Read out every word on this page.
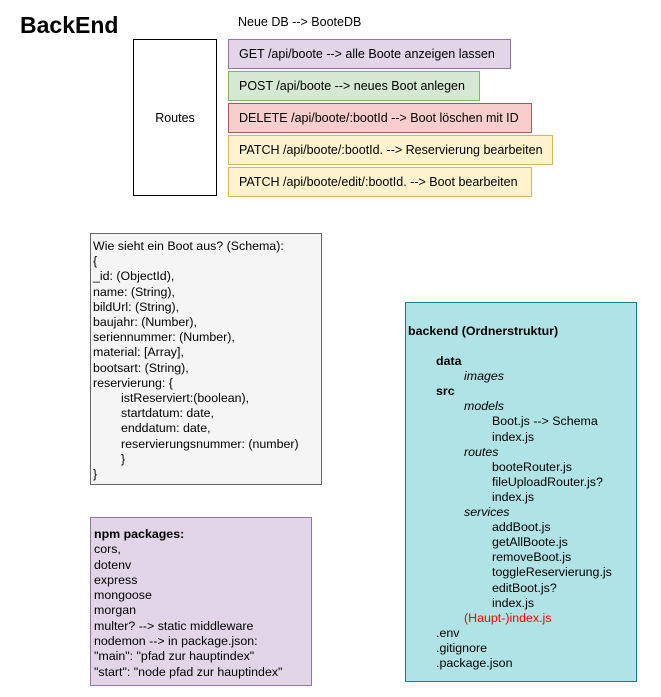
BackEnd	Neue DB --> BooteDB
Routes
GET /api/boote --> alle Boote anzeigen lassen
POST /api/boote --> neues Boot anlegen
DELETE /api/boote/:bootId --> Boot löschen mit ID
PATCH /api/boote/:bootId. --> Reservierung bearbeiten
PATCH /api/boote/edit/:bootId. --> Boot bearbeiten
Wie sieht ein Boot aus? (Schema):
{
_id: (ObjectId),
name: (String),
bildUrl: (String),
baujahr: (Number),
seriennummer: (Number),
material: [Array],
bootsart: (String),
reservierung: {
istReserviert:(boolean),
startdatum: date,
enddatum: date,
reservierungsnummer: (number)
}
}
npm packages:
cors,
dotenv
express
mongoose
morgan
multer? --> static middleware
nodemon --> in package.json:
"main": "pfad zur hauptindex"
"start": "node pfad zur hauptindex"
backend (Ordnerstruktur)
data
images
src
models
Boot.js --> Schema
index.js
routes
booteRouter.js
fileUploadRouter.js?
index.js
services
addBoot.js
getAllBoote.js
removeBoot.js
toggleReservierung.js
editBoot.js?
index.js
(Haupt-)index.js
.env
.gitignore
.package.json
